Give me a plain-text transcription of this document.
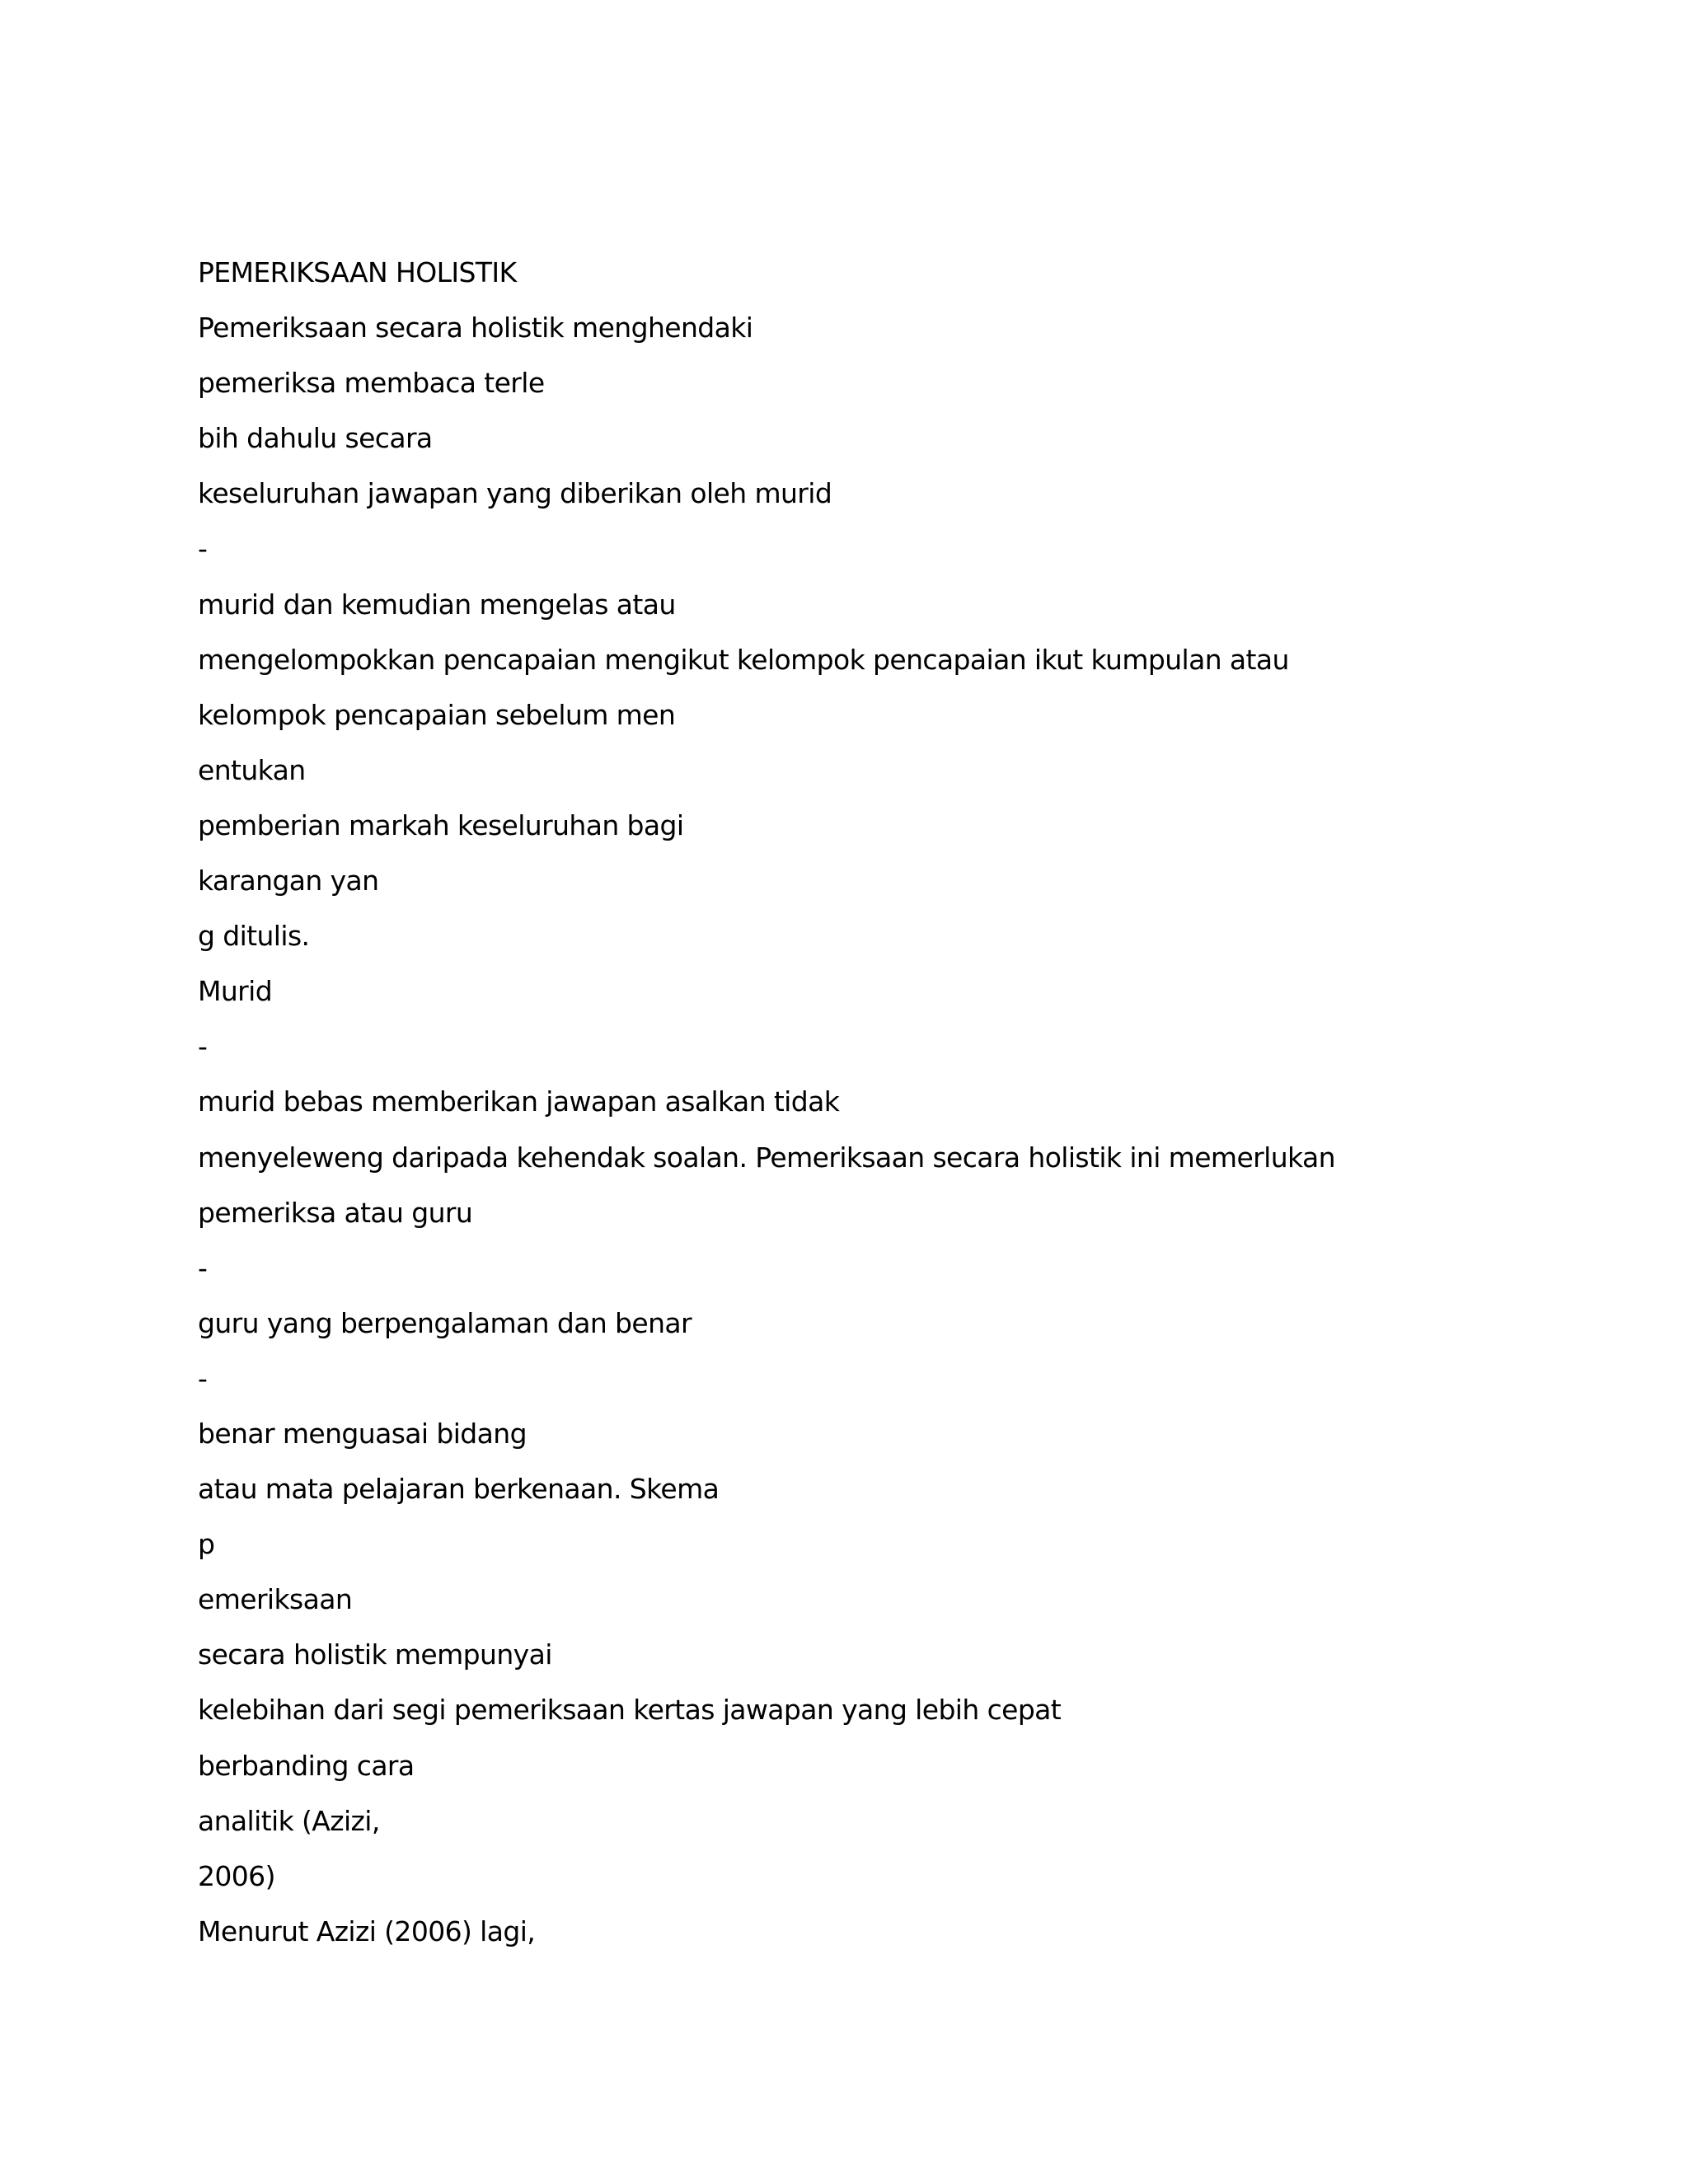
PEMERIKSAAN HOLISTIK
Pemeriksaan secara holistik menghendaki
pemeriksa membaca terle
bih dahulu secara
keseluruhan jawapan yang diberikan oleh murid
-
murid dan kemudian mengelas atau
mengelompokkan pencapaian mengikut kelompok pencapaian ikut kumpulan atau
kelompok pencapaian sebelum men
entukan
pemberian markah keseluruhan bagi
karangan yan
g ditulis.
Murid
-
murid bebas memberikan jawapan asalkan tidak
menyeleweng daripada kehendak soalan. Pemeriksaan secara holistik ini memerlukan
pemeriksa atau guru
-
guru yang berpengalaman dan benar
-
benar menguasai bidang
atau mata pelajaran berkenaan. Skema
p
emeriksaan
secara holistik mempunyai
kelebihan dari segi pemeriksaan kertas jawapan yang lebih cepat
berbanding cara
analitik (Azizi,
2006)
Menurut Azizi (2006) lagi,
